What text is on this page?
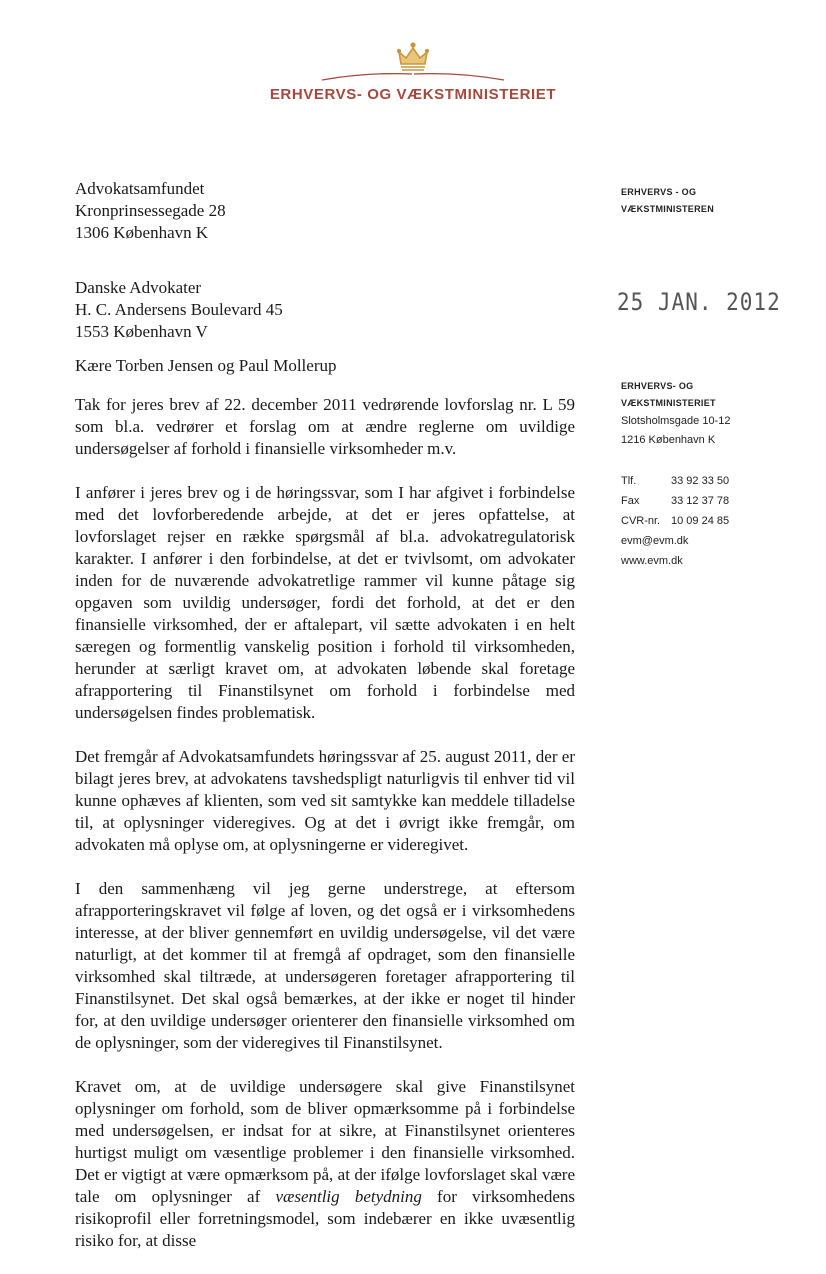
ERHVERVS- OG VÆKSTMINISTERIET
Advokatsamfundet
Kronprinsessegade 28
1306 København K
Danske Advokater
H. C. Andersens Boulevard 45
1553 København V
ERHVERVS - OG
VÆKSTMINISTEREN
25 JAN. 2012
ERHVERVS- OG
VÆKSTMINISTERIET
Slotsholmsgade 10-12
1216 København K
Tlf.	33 92 33 50
Fax	33 12 37 78
CVR-nr. 10 09 24 85
evm@evm.dk
www.evm.dk
Kære Torben Jensen og Paul Mollerup

Tak for jeres brev af 22. december 2011 vedrørende lovforslag nr. L 59 som bl.a. vedrører et forslag om at ændre reglerne om uvildige undersøgelser af forhold i finansielle virksomheder m.v.

I anfører i jeres brev og i de høringssvar, som I har afgivet i forbindelse med det lovforberedende arbejde, at det er jeres opfattelse, at lovforslaget rejser en række spørgsmål af bl.a. advokatregulatorisk karakter. I anfører i den forbindelse, at det er tvivlsomt, om advokater inden for de nuværende advokatretlige rammer vil kunne påtage sig opgaven som uvildig undersøger, fordi det forhold, at det er den finansielle virksomhed, der er aftalepart, vil sætte advokaten i en helt særegen og formentlig vanskelig position i forhold til virksomheden, herunder at særligt kravet om, at advokaten løbende skal foretage afrapportering til Finanstilsynet om forhold i forbindelse med undersøgelsen findes problematisk.

Det fremgår af Advokatsamfundets høringssvar af 25. august 2011, der er bilagt jeres brev, at advokatens tavshedspligt naturligvis til enhver tid vil kunne ophæves af klienten, som ved sit samtykke kan meddele tilladelse til, at oplysninger videregives. Og at det i øvrigt ikke fremgår, om advokaten må oplyse om, at oplysningerne er videregivet.

I den sammenhæng vil jeg gerne understrege, at eftersom afrapporteringskravet vil følge af loven, og det også er i virksomhedens interesse, at der bliver gennemført en uvildig undersøgelse, vil det være naturligt, at det kommer til at fremgå af opdraget, som den finansielle virksomhed skal tiltræde, at undersøgeren foretager afrapportering til Finanstilsynet. Det skal også bemærkes, at der ikke er noget til hinder for, at den uvildige undersøger orienterer den finansielle virksomhed om de oplysninger, som der videregives til Finanstilsynet.

Kravet om, at de uvildige undersøgere skal give Finanstilsynet oplysninger om forhold, som de bliver opmærksomme på i forbindelse med undersøgelsen, er indsat for at sikre, at Finanstilsynet orienteres hurtigst muligt om væsentlige problemer i den finansielle virksomhed. Det er vigtigt at være opmærksom på, at der ifølge lovforslaget skal være tale om oplysninger af væsentlig betydning for virksomhedens risikoprofil eller forretningsmodel, som indebærer en ikke uvæsentlig risiko for, at disse
